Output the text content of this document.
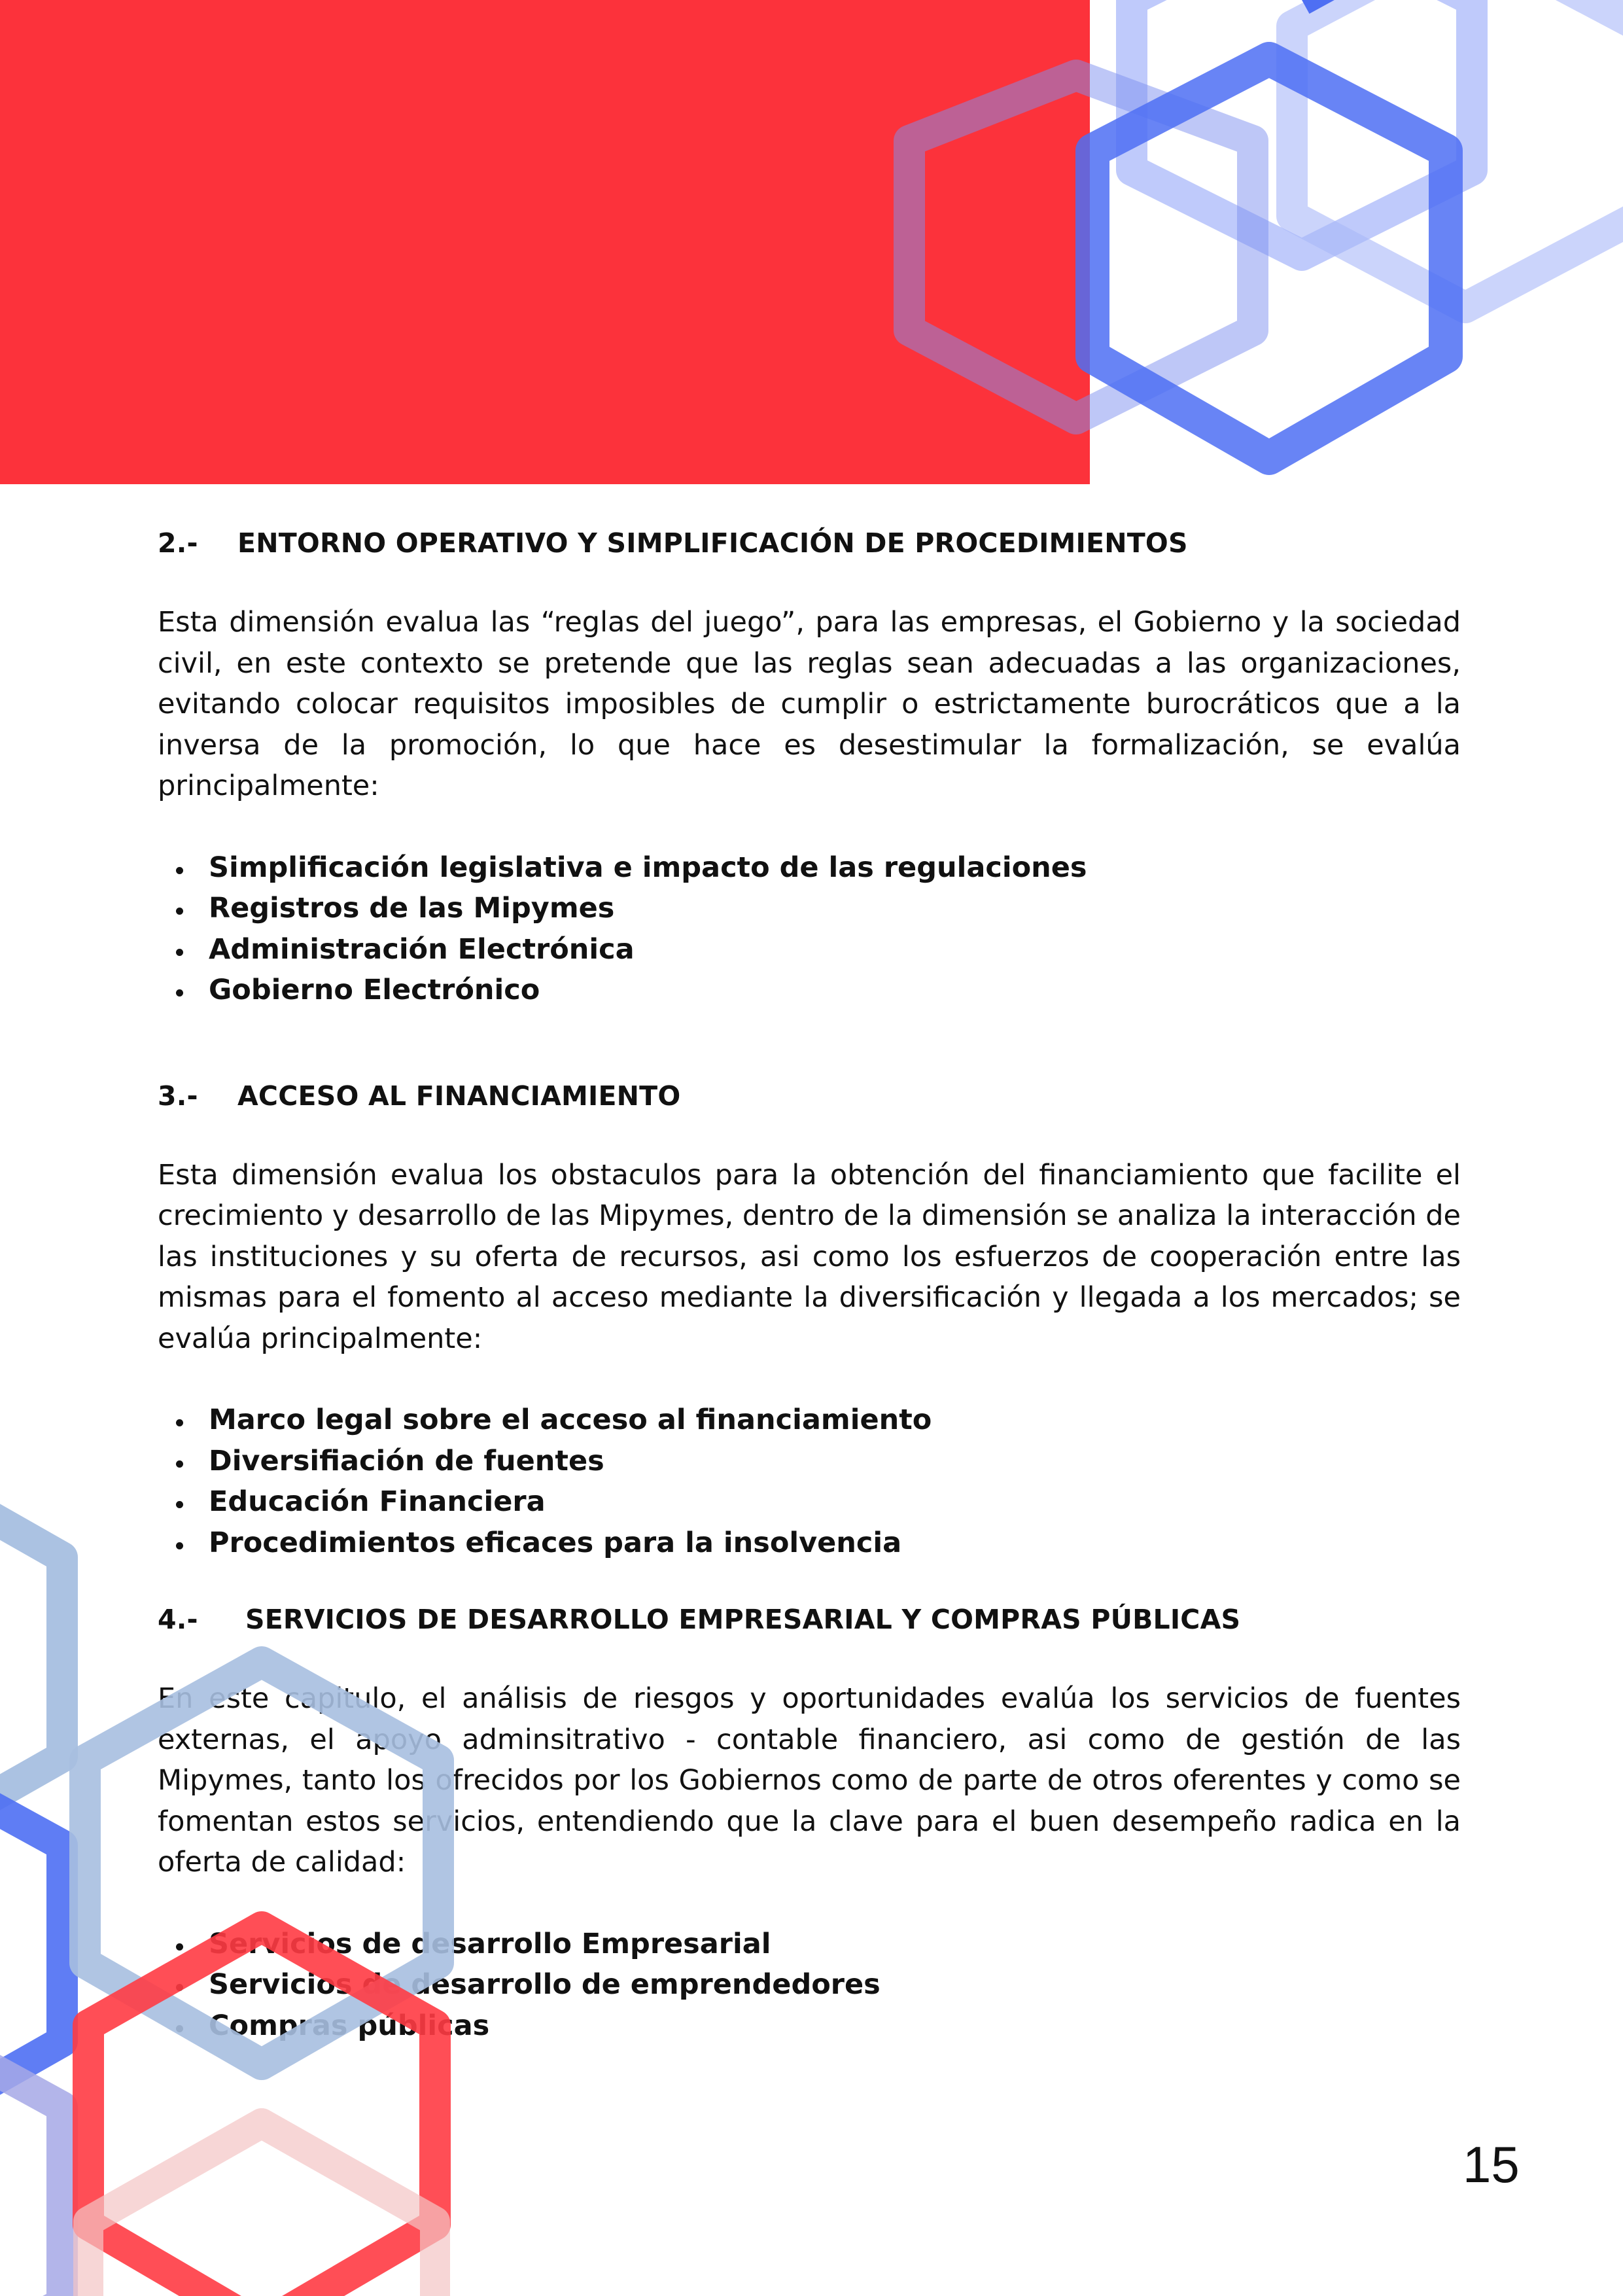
2.- ENTORNO OPERATIVO Y SIMPLIFICACIÓN DE PROCEDIMIENTOS

Esta dimensión evalua las “reglas del juego”, para las empresas, el Gobierno y la sociedad civil, en este contexto se pretende que las reglas sean adecuadas a las organizaciones, evitando colocar requisitos imposibles de cumplir o estrictamente burocráticos que a la inversa de la promoción, lo que hace es desestimular la formalización, se evalúa principalmente:

Simplificación legislativa e impacto de las regulaciones
Registros de las Mipymes
Administración Electrónica
Gobierno Electrónico
3.- ACCESO AL FINANCIAMIENTO

Esta dimensión evalua los obstaculos para la obtención del financiamiento que facilite el crecimiento y desarrollo de las Mipymes, dentro de la dimensión se analiza la interacción de las instituciones y su oferta de recursos, asi como los esfuerzos de cooperación entre las mismas para el fomento al acceso mediante la diversificación y llegada a los mercados; se evalúa principalmente:

Marco legal sobre el acceso al financiamiento
Diversifiación de fuentes
Educación Financiera
Procedimientos eficaces para la insolvencia
4.- SERVICIOS DE DESARROLLO EMPRESARIAL Y COMPRAS PÚBLICAS

En este capitulo, el análisis de riesgos y oportunidades evalúa los servicios de fuentes externas, el apoyo adminsitrativo - contable financiero, asi como de gestión de las Mipymes, tanto los ofrecidos por los Gobiernos como de parte de otros oferentes y como se fomentan estos servicios, entendiendo que la clave para el buen desempeño radica en la oferta de calidad:

Servicios de desarrollo Empresarial
Servicios de desarrollo de emprendedores
Compras públicas
15
